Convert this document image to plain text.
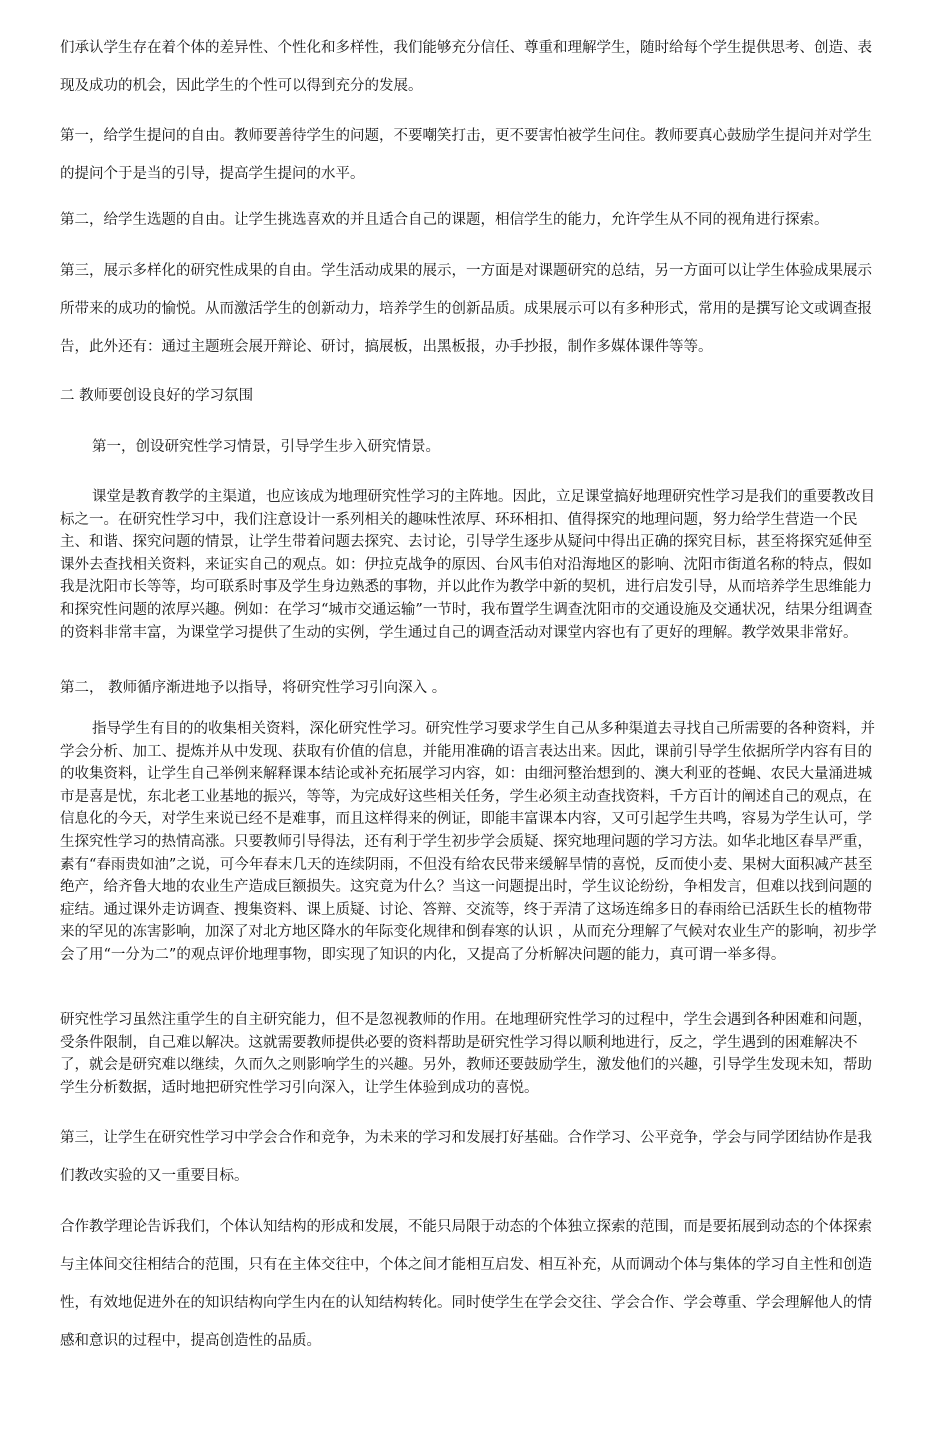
们承认学生存在着个体的差异性、个性化和多样性，我们能够充分信任、尊重和理解学生，随时给每个学生提供思考、创造、表现及成功的机会，因此学生的个性可以得到充分的发展。

第一，给学生提问的自由。教师要善待学生的问题，不要嘲笑打击，更不要害怕被学生问住。教师要真心鼓励学生提问并对学生的提问个于是当的引导，提高学生提问的水平。

第二，给学生选题的自由。让学生挑选喜欢的并且适合自己的课题，相信学生的能力，允许学生从不同的视角进行探索。

第三，展示多样化的研究性成果的自由。学生活动成果的展示，一方面是对课题研究的总结，另一方面可以让学生体验成果展示所带来的成功的愉悦。从而激活学生的创新动力，培养学生的创新品质。成果展示可以有多种形式，常用的是撰写论文或调查报告，此外还有：通过主题班会展开辩论、研讨，搞展板，出黑板报，办手抄报，制作多媒体课件等等。

二 教师要创设良好的学习氛围

第一，创设研究性学习情景，引导学生步入研究情景。

课堂是教育教学的主渠道，也应该成为地理研究性学习的主阵地。因此，立足课堂搞好地理研究性学习是我们的重要教改目标之一。在研究性学习中，我们注意设计一系列相关的趣味性浓厚、环环相扣、值得探究的地理问题，努力给学生营造一个民主、和谐、探究问题的情景，让学生带着问题去探究、去讨论，引导学生逐步从疑问中得出正确的探究目标，甚至将探究延伸至课外去查找相关资料，来证实自己的观点。如：伊拉克战争的原因、台风韦伯对沿海地区的影响、沈阳市街道名称的特点，假如我是沈阳市长等等，均可联系时事及学生身边熟悉的事物，并以此作为教学中新的契机，进行启发引导，从而培养学生思维能力和探究性问题的浓厚兴趣。例如：在学习“城市交通运输”一节时，我布置学生调查沈阳市的交通设施及交通状况，结果分组调查的资料非常丰富，为课堂学习提供了生动的实例，学生通过自己的调查活动对课堂内容也有了更好的理解。教学效果非常好。

第二， 教师循序渐进地予以指导，将研究性学习引向深入 。

指导学生有目的的收集相关资料，深化研究性学习。研究性学习要求学生自己从多种渠道去寻找自己所需要的各种资料，并学会分析、加工、提炼并从中发现、获取有价值的信息，并能用准确的语言表达出来。因此，课前引导学生依据所学内容有目的的收集资料，让学生自己举例来解释课本结论或补充拓展学习内容，如：由细河整治想到的、澳大利亚的苍蝇、农民大量涌进城市是喜是忧，东北老工业基地的振兴，等等，为完成好这些相关任务，学生必须主动查找资料，千方百计的阐述自己的观点，在信息化的今天，对学生来说已经不是难事，而且这样得来的例证，即能丰富课本内容，又可引起学生共鸣，容易为学生认可，学生探究性学习的热情高涨。只要教师引导得法，还有利于学生初步学会质疑、探究地理问题的学习方法。如华北地区春旱严重，素有“春雨贵如油”之说，可今年春末几天的连续阴雨，不但没有给农民带来缓解旱情的喜悦，反而使小麦、果树大面积减产甚至绝产，给齐鲁大地的农业生产造成巨额损失。这究竟为什么？当这一问题提出时，学生议论纷纷，争相发言，但难以找到问题的症结。通过课外走访调查、搜集资料、课上质疑、讨论、答辩、交流等，终于弄清了这场连绵多日的春雨给已活跃生长的植物带来的罕见的冻害影响，加深了对北方地区降水的年际变化规律和倒春寒的认识 ，从而充分理解了气候对农业生产的影响，初步学会了用“一分为二”的观点评价地理事物，即实现了知识的内化，又提高了分析解决问题的能力，真可谓一举多得。

研究性学习虽然注重学生的自主研究能力，但不是忽视教师的作用。在地理研究性学习的过程中，学生会遇到各种困难和问题，受条件限制，自己难以解决。这就需要教师提供必要的资料帮助是研究性学习得以顺利地进行，反之，学生遇到的困难解决不了，就会是研究难以继续，久而久之则影响学生的兴趣。另外，教师还要鼓励学生，激发他们的兴趣，引导学生发现未知，帮助学生分析数据，适时地把研究性学习引向深入，让学生体验到成功的喜悦。

第三，让学生在研究性学习中学会合作和竞争，为未来的学习和发展打好基础。合作学习、公平竞争，学会与同学团结协作是我们教改实验的又一重要目标。

合作教学理论告诉我们，个体认知结构的形成和发展，不能只局限于动态的个体独立探索的范围，而是要拓展到动态的个体探索与主体间交往相结合的范围，只有在主体交往中，个体之间才能相互启发、相互补充，从而调动个体与集体的学习自主性和创造性，有效地促进外在的知识结构向学生内在的认知结构转化。同时使学生在学会交往、学会合作、学会尊重、学会理解他人的情感和意识的过程中，提高创造性的品质。
